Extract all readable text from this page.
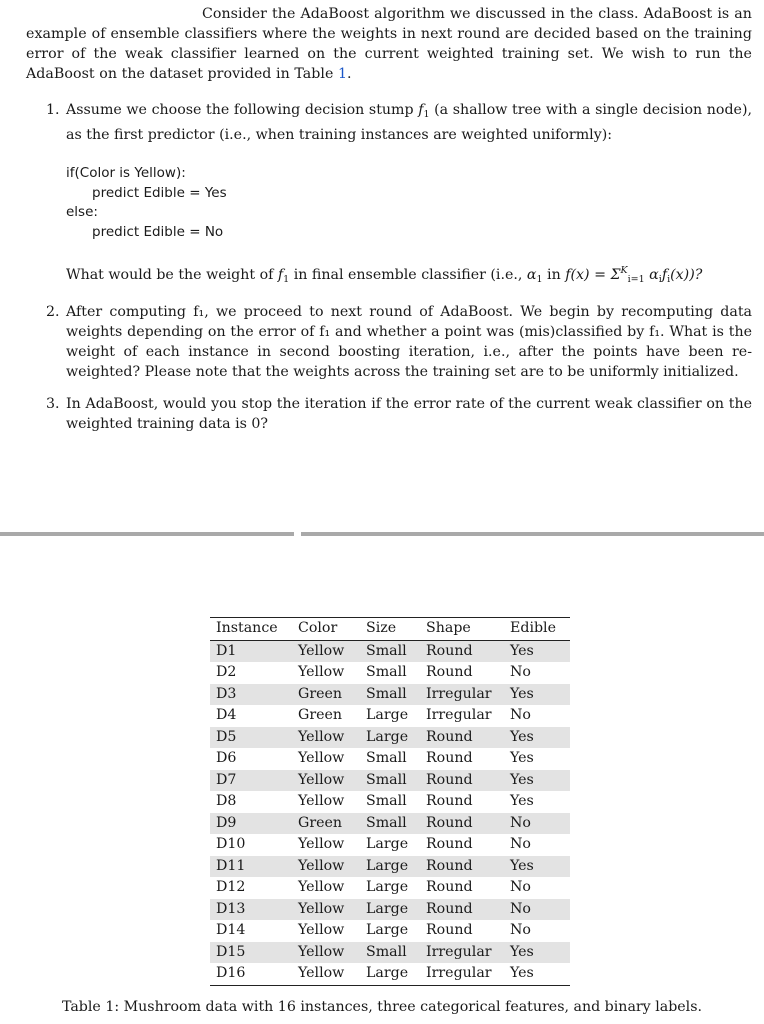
Consider the AdaBoost algorithm we discussed in the class. AdaBoost is an example of ensemble classifiers where the weights in next round are decided based on the training error of the weak classifier learned on the current weighted training set. We wish to run the AdaBoost on the dataset provided in Table 1.

1. Assume we choose the following decision stump $f_1$ (a shallow tree with a single decision node), as the first predictor (i.e., when training instances are weighted uniformly):
if(Color is Yellow):
predict Edible = Yes
else:
predict Edible = No

What would be the weight of $f_1$ in final ensemble classifier (i.e., $\alpha_1$ in $f(x) = \Sigma^K_{i=1}$ $\alpha_if_i(x)$)?

2. After computing f₁, we proceed to next round of AdaBoost. We begin by recomputing data weights depending on the error of f₁ and whether a point was (mis)classified by f₁. What is the weight of each instance in second boosting iteration, i.e., after the points have been re-weighted? Please note that the weights across the training set are to be uniformly initialized.
3. In AdaBoost, would you stop the iteration if the error rate of the current weak classifier on the weighted training data is 0?
Instance	Color	Size	Shape	Edible
D1	Yellow	Small	Round	Yes
D2	Yellow	Small	Round	No
D3	Green	Small	Irregular	Yes
D4	Green	Large	Irregular	No
D5	Yellow	Large	Round	Yes
D6	Yellow	Small	Round	Yes
D7	Yellow	Small	Round	Yes
D8	Yellow	Small	Round	Yes
D9	Green	Small	Round	No
D10	Yellow	Large	Round	No
D11	Yellow	Large	Round	Yes
D12	Yellow	Large	Round	No
D13	Yellow	Large	Round	No
D14	Yellow	Large	Round	No
D15	Yellow	Small	Irregular	Yes
D16	Yellow	Large	Irregular	Yes
Table 1: Mushroom data with 16 instances, three categorical features, and binary labels.
